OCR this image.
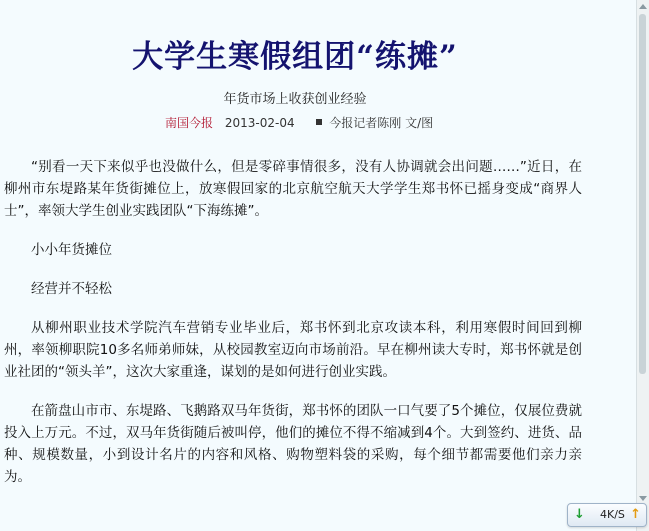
大学生寒假组团“练摊”
年货市场上收获创业经验
南国今报 2013-02-04	今报记者陈刚 文/图

“别看一天下来似乎也没做什么，但是零碎事情很多，没有人协调就会出问题……”近日，在柳州市东堤路某年货街摊位上，放寒假回家的北京航空航天大学学生郑书怀已摇身变成“商界人士”，率领大学生创业实践团队“下海练摊”。

小小年货摊位

经营并不轻松

从柳州职业技术学院汽车营销专业毕业后，郑书怀到北京攻读本科，利用寒假时间回到柳州，率领柳职院10多名师弟师妹，从校园教室迈向市场前沿。早在柳州读大专时，郑书怀就是创业社团的“领头羊”，这次大家重逢，谋划的是如何进行创业实践。

在箭盘山市市、东堤路、飞鹅路双马年货街，郑书怀的团队一口气要了5个摊位，仅展位费就投入上万元。不过，双马年货街随后被叫停，他们的摊位不得不缩减到4个。大到签约、进货、品种、规模数量，小到设计名片的内容和风格、购物塑料袋的采购，每个细节都需要他们亲力亲为。

↓ 4K/S ↑
